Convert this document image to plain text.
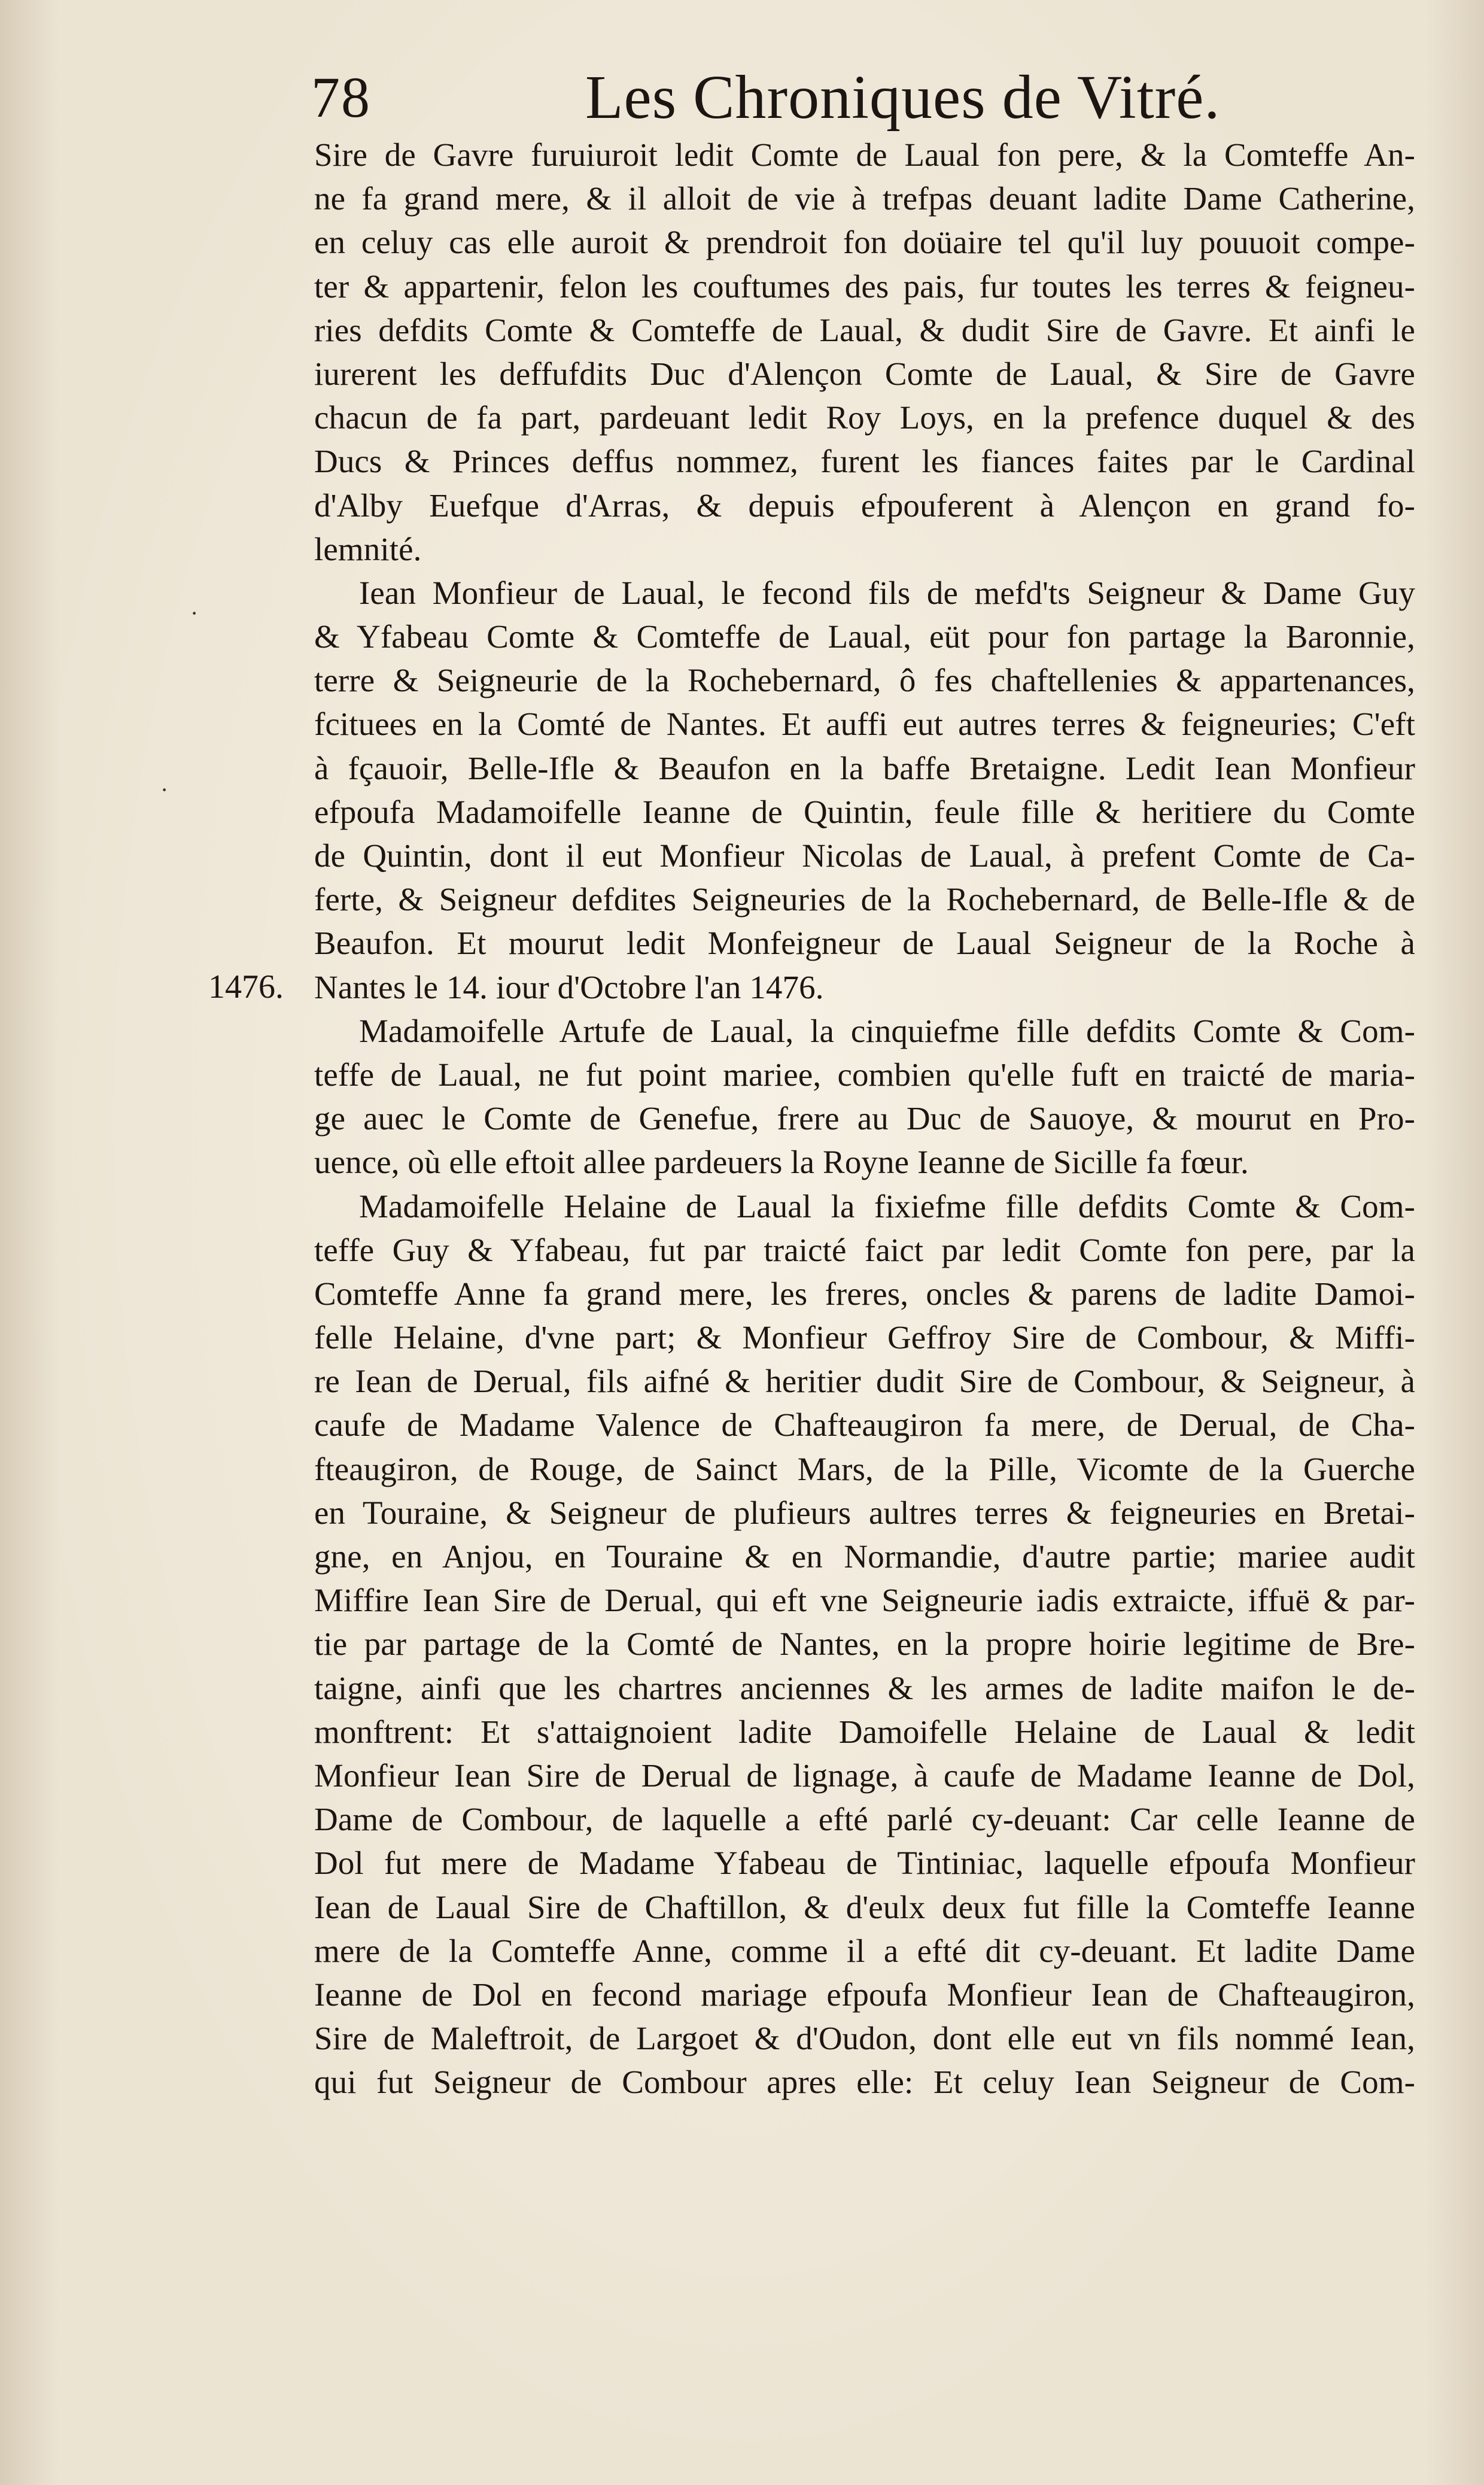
78	Les Chroniques de Vitré.
1476.
Sire de Gavre furuiuroit ledit Comte de Laual fon pere, & la Comteffe An-
ne fa grand mere, & il alloit de vie à trefpas deuant ladite Dame Catherine,
en celuy cas elle auroit & prendroit fon doüaire tel qu'il luy pouuoit compe-
ter & appartenir, felon les couftumes des pais, fur toutes les terres & feigneu-
ries defdits Comte & Comteffe de Laual, & dudit Sire de Gavre. Et ainfi le
iurerent les deffufdits Duc d'Alençon Comte de Laual, & Sire de Gavre
chacun de fa part, pardeuant ledit Roy Loys, en la prefence duquel & des
Ducs & Princes deffus nommez, furent les fiances faites par le Cardinal
d'Alby Euefque d'Arras, & depuis efpouferent à Alençon en grand fo-
lemnité.
Iean Monfieur de Laual, le fecond fils de mefd'ts Seigneur & Dame Guy
& Yfabeau Comte & Comteffe de Laual, eüt pour fon partage la Baronnie,
terre & Seigneurie de la Rochebernard, ô fes chaftellenies & appartenances,
fcituees en la Comté de Nantes. Et auffi eut autres terres & feigneuries; C'eft
à fçauoir, Belle-Ifle & Beaufon en la baffe Bretaigne. Ledit Iean Monfieur
efpoufa Madamoifelle Ieanne de Quintin, feule fille & heritiere du Comte
de Quintin, dont il eut Monfieur Nicolas de Laual, à prefent Comte de Ca-
ferte, & Seigneur defdites Seigneuries de la Rochebernard, de Belle-Ifle & de
Beaufon. Et mourut ledit Monfeigneur de Laual Seigneur de la Roche à
Nantes le 14. iour d'Octobre l'an 1476.
Madamoifelle Artufe de Laual, la cinquiefme fille defdits Comte & Com-
teffe de Laual, ne fut point mariee, combien qu'elle fuft en traicté de maria-
ge auec le Comte de Genefue, frere au Duc de Sauoye, & mourut en Pro-
uence, où elle eftoit allee pardeuers la Royne Ieanne de Sicille fa fœur.
Madamoifelle Helaine de Laual la fixiefme fille defdits Comte & Com-
teffe Guy & Yfabeau, fut par traicté faict par ledit Comte fon pere, par la
Comteffe Anne fa grand mere, les freres, oncles & parens de ladite Damoi-
felle Helaine, d'vne part; & Monfieur Geffroy Sire de Combour, & Miffi-
re Iean de Derual, fils aifné & heritier dudit Sire de Combour, & Seigneur, à
caufe de Madame Valence de Chafteaugiron fa mere, de Derual, de Cha-
fteaugiron, de Rouge, de Sainct Mars, de la Pille, Vicomte de la Guerche
en Touraine, & Seigneur de plufieurs aultres terres & feigneuries en Bretai-
gne, en Anjou, en Touraine & en Normandie, d'autre partie; mariee audit
Miffire Iean Sire de Derual, qui eft vne Seigneurie iadis extraicte, iffuë & par-
tie par partage de la Comté de Nantes, en la propre hoirie legitime de Bre-
taigne, ainfi que les chartres anciennes & les armes de ladite maifon le de-
monftrent: Et s'attaignoient ladite Damoifelle Helaine de Laual & ledit
Monfieur Iean Sire de Derual de lignage, à caufe de Madame Ieanne de Dol,
Dame de Combour, de laquelle a efté parlé cy-deuant: Car celle Ieanne de
Dol fut mere de Madame Yfabeau de Tintiniac, laquelle efpoufa Monfieur
Iean de Laual Sire de Chaftillon, & d'eulx deux fut fille la Comteffe Ieanne
mere de la Comteffe Anne, comme il a efté dit cy-deuant. Et ladite Dame
Ieanne de Dol en fecond mariage efpoufa Monfieur Iean de Chafteaugiron,
Sire de Maleftroit, de Largoet & d'Oudon, dont elle eut vn fils nommé Iean,
qui fut Seigneur de Combour apres elle: Et celuy Iean Seigneur de Com-
·
·
